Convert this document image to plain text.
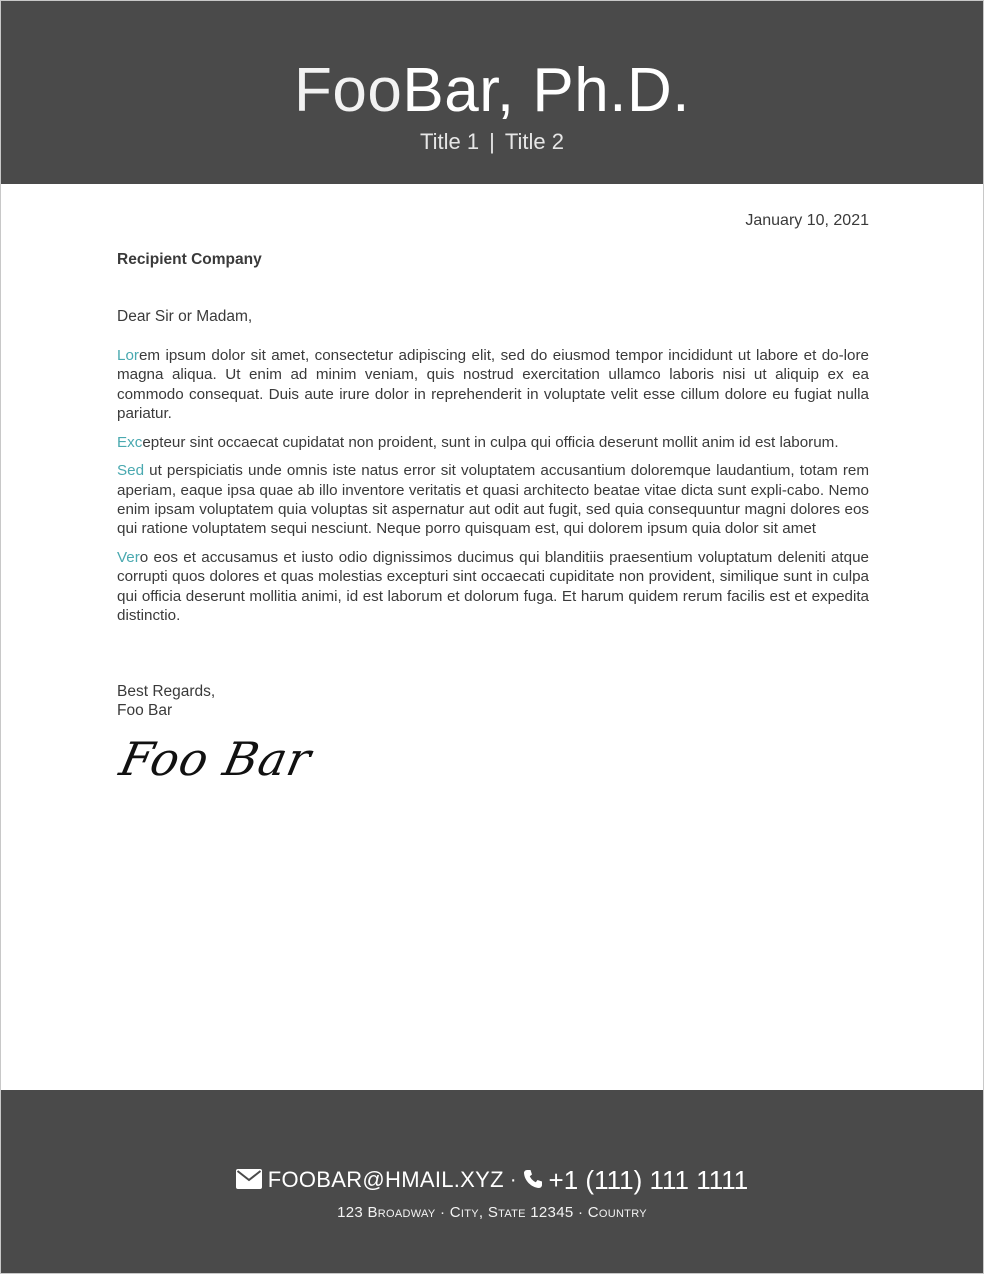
FooBar, Ph.D.
Title 1 | Title 2
January 10, 2021
Recipient Company
Dear Sir or Madam,

Lorem ipsum dolor sit amet, consectetur adipiscing elit, sed do eiusmod tempor incididunt ut labore et do-lore magna aliqua. Ut enim ad minim veniam, quis nostrud exercitation ullamco laboris nisi ut aliquip ex ea commodo consequat. Duis aute irure dolor in reprehenderit in voluptate velit esse cillum dolore eu fugiat nulla pariatur.

Excepteur sint occaecat cupidatat non proident, sunt in culpa qui officia deserunt mollit anim id est laborum.

Sed ut perspiciatis unde omnis iste natus error sit voluptatem accusantium doloremque laudantium, totam rem aperiam, eaque ipsa quae ab illo inventore veritatis et quasi architecto beatae vitae dicta sunt expli-cabo. Nemo enim ipsam voluptatem quia voluptas sit aspernatur aut odit aut fugit, sed quia consequuntur magni dolores eos qui ratione voluptatem sequi nesciunt. Neque porro quisquam est, qui dolorem ipsum quia dolor sit amet

Vero eos et accusamus et iusto odio dignissimos ducimus qui blanditiis praesentium voluptatum deleniti atque corrupti quos dolores et quas molestias excepturi sint occaecati cupiditate non provident, similique sunt in culpa qui officia deserunt mollitia animi, id est laborum et dolorum fuga. Et harum quidem rerum facilis est et expedita distinctio.

Best Regards,
Foo Bar
Foo Bar
FOOBAR@HMAIL.XYZ · +1 (111) 111 1111
123 Broadway · City, State 12345 · Country
